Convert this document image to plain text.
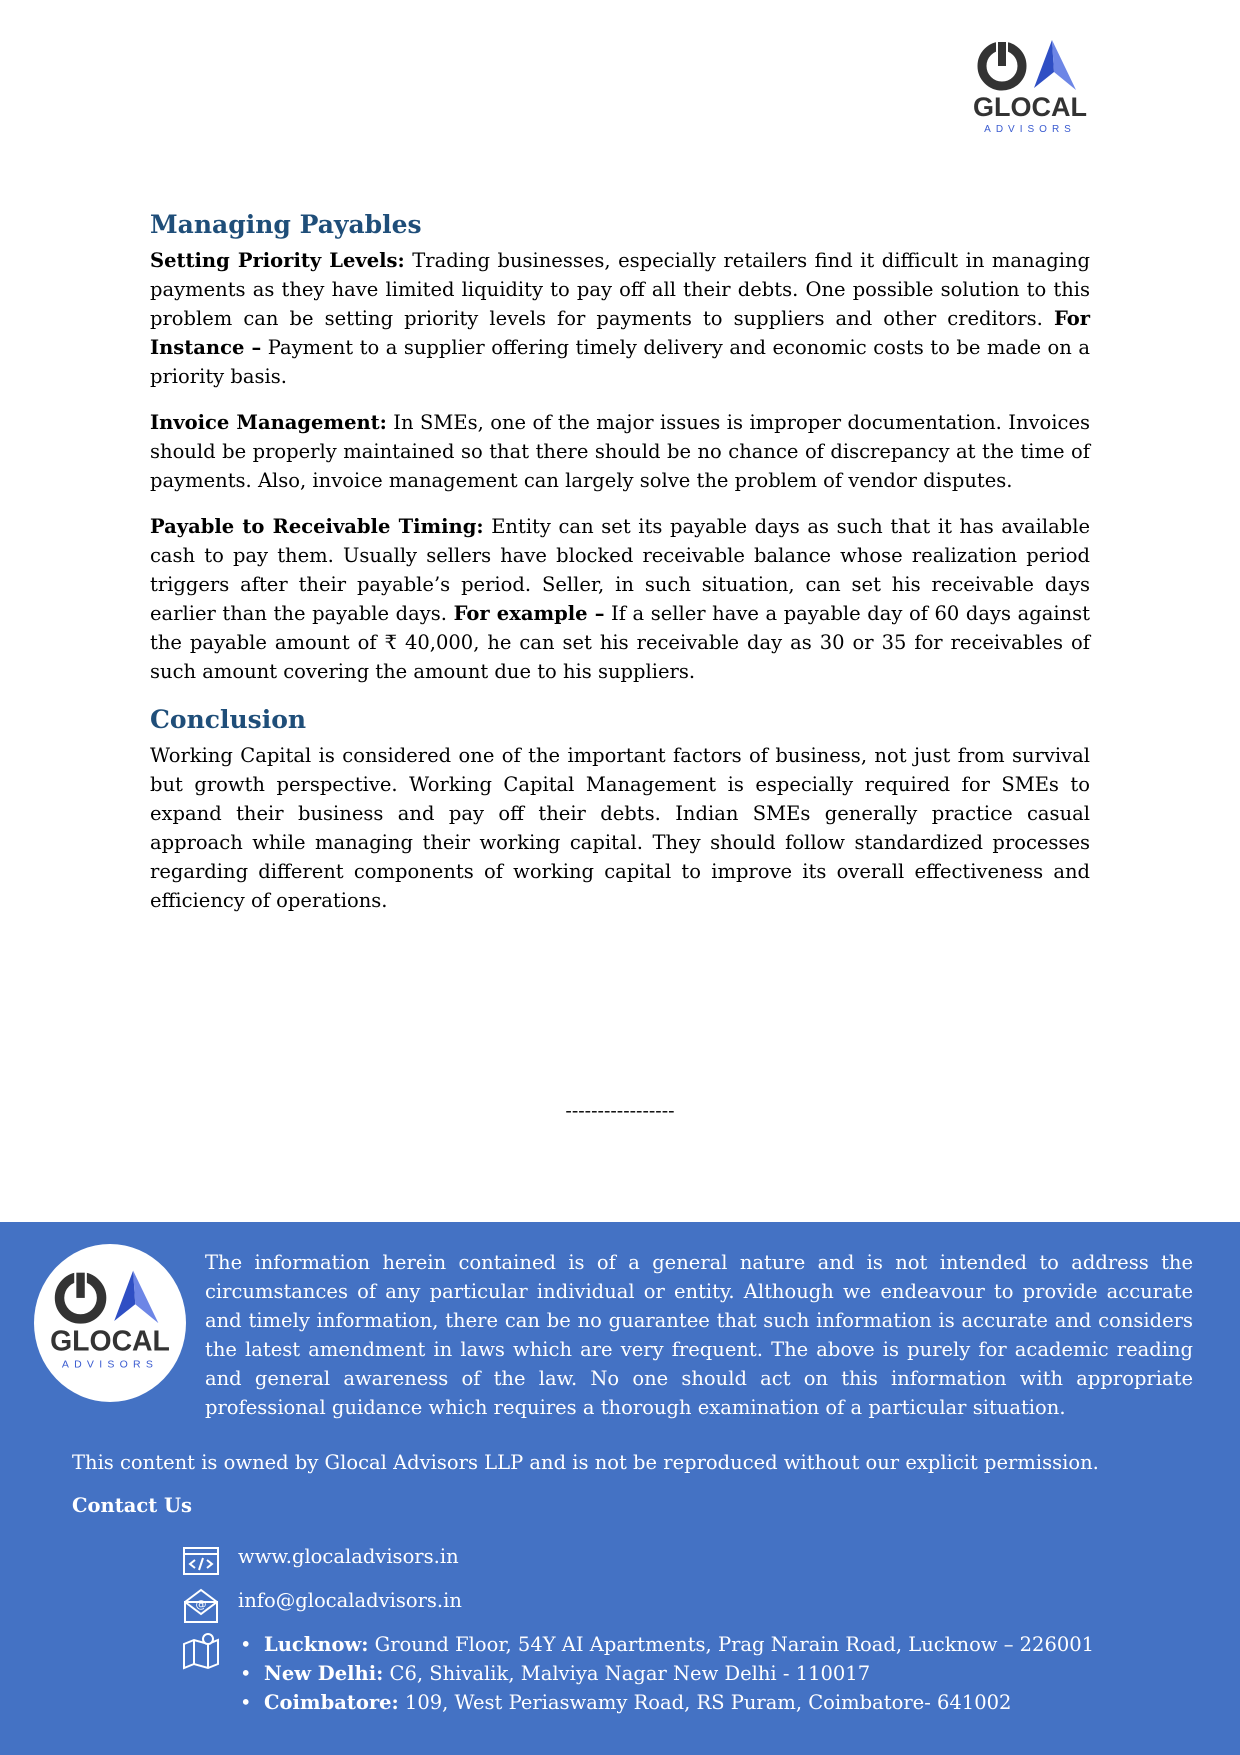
GLOCAL
ADVISORS
Managing Payables

Setting Priority Levels: Trading businesses, especially retailers find it difficult in managing payments as they have limited liquidity to pay off all their debts. One possible solution to this problem can be setting priority levels for payments to suppliers and other creditors. For Instance – Payment to a supplier offering timely delivery and economic costs to be made on a priority basis.

Invoice Management: In SMEs, one of the major issues is improper documentation. Invoices should be properly maintained so that there should be no chance of discrepancy at the time of payments. Also, invoice management can largely solve the problem of vendor disputes.

Payable to Receivable Timing: Entity can set its payable days as such that it has available cash to pay them. Usually sellers have blocked receivable balance whose realization period triggers after their payable’s period. Seller, in such situation, can set his receivable days earlier than the payable days. For example – If a seller have a payable day of 60 days against the payable amount of ₹ 40,000, he can set his receivable day as 30 or 35 for receivables of such amount covering the amount due to his suppliers.

Conclusion

Working Capital is considered one of the important factors of business, not just from survival but growth perspective. Working Capital Management is especially required for SMEs to expand their business and pay off their debts. Indian SMEs generally practice casual approach while managing their working capital. They should follow standardized processes regarding different components of working capital to improve its overall effectiveness and efficiency of operations.

-----------------
GLOCAL
ADVISORS

The information herein contained is of a general nature and is not intended to address the circumstances of any particular individual or entity. Although we endeavour to provide accurate and timely information, there can be no guarantee that such information is accurate and considers the latest amendment in laws which are very frequent. The above is purely for academic reading and general awareness of the law. No one should act on this information with appropriate professional guidance which requires a thorough examination of a particular situation.

This content is owned by Glocal Advisors LLP and is not be reproduced without our explicit permission.

Contact Us

www.glocaladvisors.in
@ info@glocaladvisors.in
• Lucknow: Ground Floor, 54Y AI Apartments, Prag Narain Road, Lucknow – 226001
• New Delhi: C6, Shivalik, Malviya Nagar New Delhi - 110017
• Coimbatore: 109, West Periaswamy Road, RS Puram, Coimbatore- 641002
